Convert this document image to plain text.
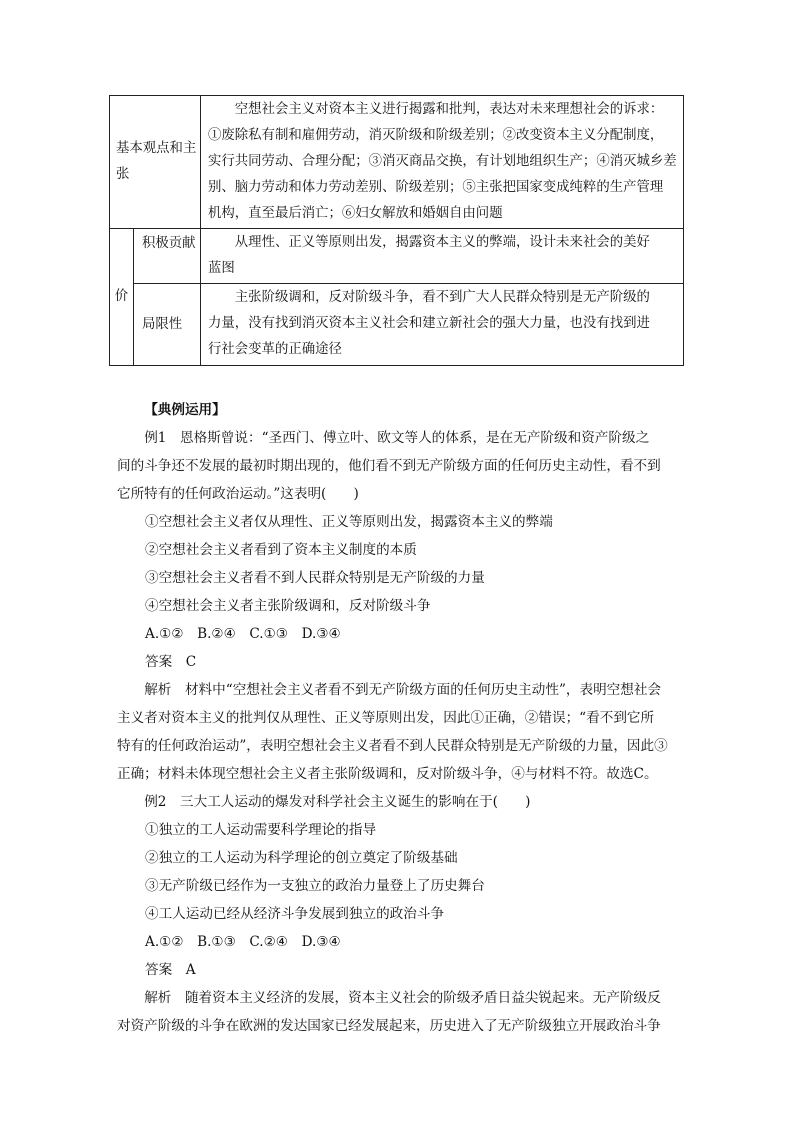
基本观点和主张		空想社会主义对资本主义进行揭露和批判，表达对未来理想社会的诉求：

①废除私有制和雇佣劳动，消灭阶级和阶级差别；②改变资本主义分配制度，

实行共同劳动、合理分配；③消灭商品交换，有计划地组织生产；④消灭城乡差

别、脑力劳动和体力劳动差别、阶级差别；⑤主张把国家变成纯粹的生产管理

机构，直至最后消亡；⑥妇女解放和婚姻自由问题

价	积极贡献	从理性、正义等原则出发，揭露资本主义的弊端，设计未来社会的美好

蓝图

	局限性	主张阶级调和，反对阶级斗争，看不到广大人民群众特别是无产阶级的

力量，没有找到消灭资本主义社会和建立新社会的强大力量，也没有找到进

行社会变革的正确途径

【典例运用】

例1　恩格斯曾说：“圣西门、傅立叶、欧文等人的体系，是在无产阶级和资产阶级之

间的斗争还不发展的最初时期出现的，他们看不到无产阶级方面的任何历史主动性，看不到

它所特有的任何政治运动。”这表明(　　)

①空想社会主义者仅从理性、正义等原则出发，揭露资本主义的弊端

②空想社会主义者看到了资本主义制度的本质

③空想社会主义者看不到人民群众特别是无产阶级的力量

④空想社会主义者主张阶级调和，反对阶级斗争

A.①②　B.②④　C.①③　D.③④

答案　C

解析　材料中“空想社会主义者看不到无产阶级方面的任何历史主动性”，表明空想社会

主义者对资本主义的批判仅从理性、正义等原则出发，因此①正确，②错误；“看不到它所

特有的任何政治运动”，表明空想社会主义者看不到人民群众特别是无产阶级的力量，因此③

正确；材料未体现空想社会主义者主张阶级调和，反对阶级斗争，④与材料不符。故选C。

例2　三大工人运动的爆发对科学社会主义诞生的影响在于(　　)

①独立的工人运动需要科学理论的指导

②独立的工人运动为科学理论的创立奠定了阶级基础

③无产阶级已经作为一支独立的政治力量登上了历史舞台

④工人运动已经从经济斗争发展到独立的政治斗争

A.①②　B.①③　C.②④　D.③④

答案　A

解析　随着资本主义经济的发展，资本主义社会的阶级矛盾日益尖锐起来。无产阶级反

对资产阶级的斗争在欧洲的发达国家已经发展起来，历史进入了无产阶级独立开展政治斗争
